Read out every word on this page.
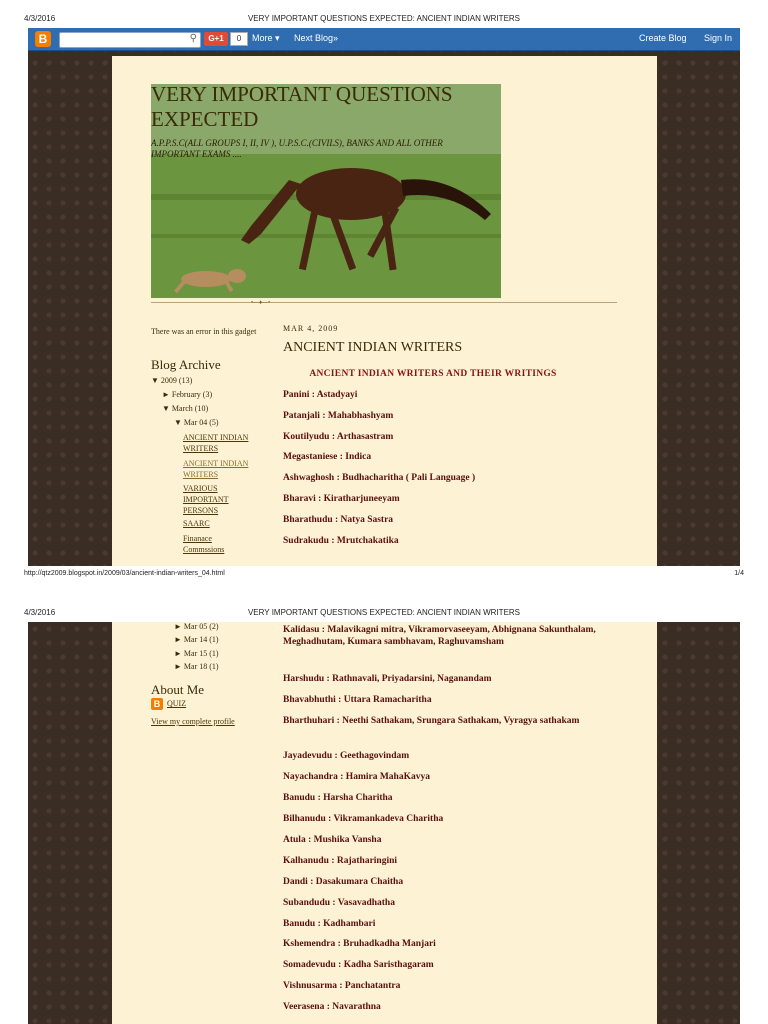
4/3/2016	VERY IMPORTANT QUESTIONS EXPECTED: ANCIENT INDIAN WRITERS
B	⚲	G+1	0	More ▾ Next Blog»	Create Blog Sign In
VERY IMPORTANT QUESTIONS EXPECTED
A.P.P.S.C(ALL GROUPS I, II, IV ), U.P.S.C.(CIVILS), BANKS AND ALL OTHER IMPORTANT EXAMS ....
•—♦—•
There was an error in this gadget
Blog Archive
▼ 2009 (13)
► February (3)
▼ March (10)
▼ Mar 04 (5)
ANCIENT INDIAN WRITERS
ANCIENT INDIAN WRITERS
VARIOUS IMPORTANT PERSONS
SAARC
Finanace Commssions
MAR 4, 2009
ANCIENT INDIAN WRITERS
ANCIENT INDIAN WRITERS AND THEIR WRITINGS
Panini : Astadyayi
Patanjali : Mahabhashyam
Koutilyudu : Arthasastram
Megastaniese : Indica
Ashwaghosh : Budhacharitha ( Pali Language )
Bharavi : Kiratharjuneeyam
Bharathudu : Natya Sastra
Sudrakudu : Mrutchakatika
http://qtz2009.blogspot.in/2009/03/ancient-indian-writers_04.html	1/4
4/3/2016	VERY IMPORTANT QUESTIONS EXPECTED: ANCIENT INDIAN WRITERS
► Mar 05 (2)
► Mar 14 (1)
► Mar 15 (1)
► Mar 18 (1)
About Me
B QUIZ
View my complete profile
Kalidasu : Malavikagni mitra, Vikramorvaseeyam, Abhignana Sakunthalam, Meghadhutam, Kumara sambhavam, Raghuvamsham
Harshudu : Rathnavali, Priyadarsini, Naganandam
Bhavabhuthi : Uttara Ramacharitha
Bharthuhari : Neethi Sathakam, Srungara Sathakam, Vyragya sathakam
Jayadevudu : Geethagovindam
Nayachandra : Hamira MahaKavya
Banudu : Harsha Charitha
Bilhanudu : Vikramankadeva Charitha
Atula : Mushika Vansha
Kalhanudu : Rajatharingini
Dandi : Dasakumara Chaitha
Subandudu : Vasavadhatha
Banudu : Kadhambari
Kshemendra : Bruhadkadha Manjari
Somadevudu : Kadha Saristhagaram
Vishnusarma : Panchatantra
Veerasena : Navarathna
